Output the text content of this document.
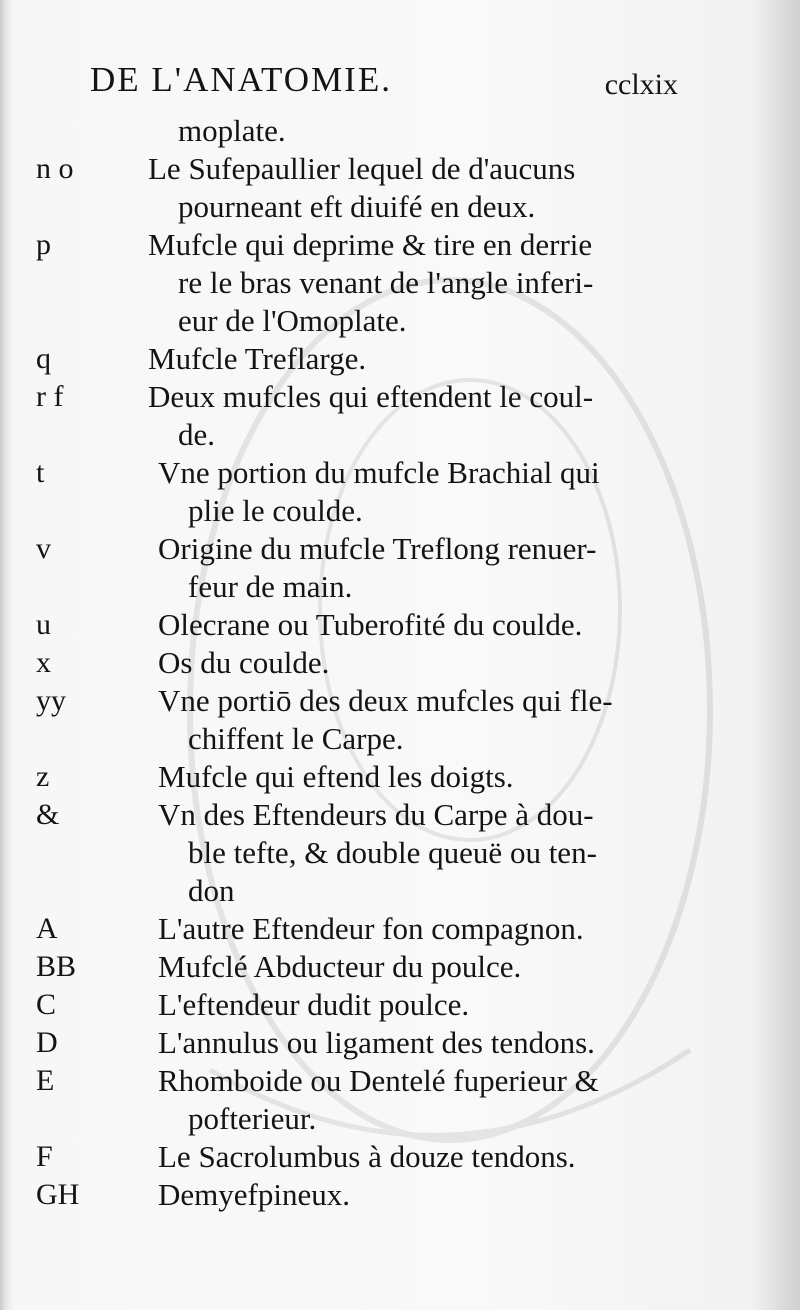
DE L'ANATOMIE.	cclxix
moplate.
n o Le Sufepaullier lequel de d'aucuns
pourneant eft diuifé en deux.
p	Mufcle qui deprime & tire en derrie
re le bras venant de l'angle inferi-
eur de l'Omoplate.
q	Mufcle Treflarge.
r f	Deux mufcles qui eftendent le coul-
de.
t	Vne portion du mufcle Brachial qui
plie le coulde.
v	Origine du mufcle Treflong renuer-
feur de main.
u	Olecrane ou Tuberofité du coulde.
x	Os du coulde.
yy	Vne portiō des deux mufcles qui fle-
chiffent le Carpe.
z	Mufcle qui eftend les doigts.
&	Vn des Eftendeurs du Carpe à dou-
ble tefte, & double queuë ou ten-
don
A	L'autre Eftendeur fon compagnon.
BB	Mufclé Abducteur du poulce.
C	L'eftendeur dudit poulce.
D	L'annulus ou ligament des tendons.
E	Rhomboide ou Dentelé fuperieur &
pofterieur.
F	Le Sacrolumbus à douze tendons.
GH	Demyefpineux.
